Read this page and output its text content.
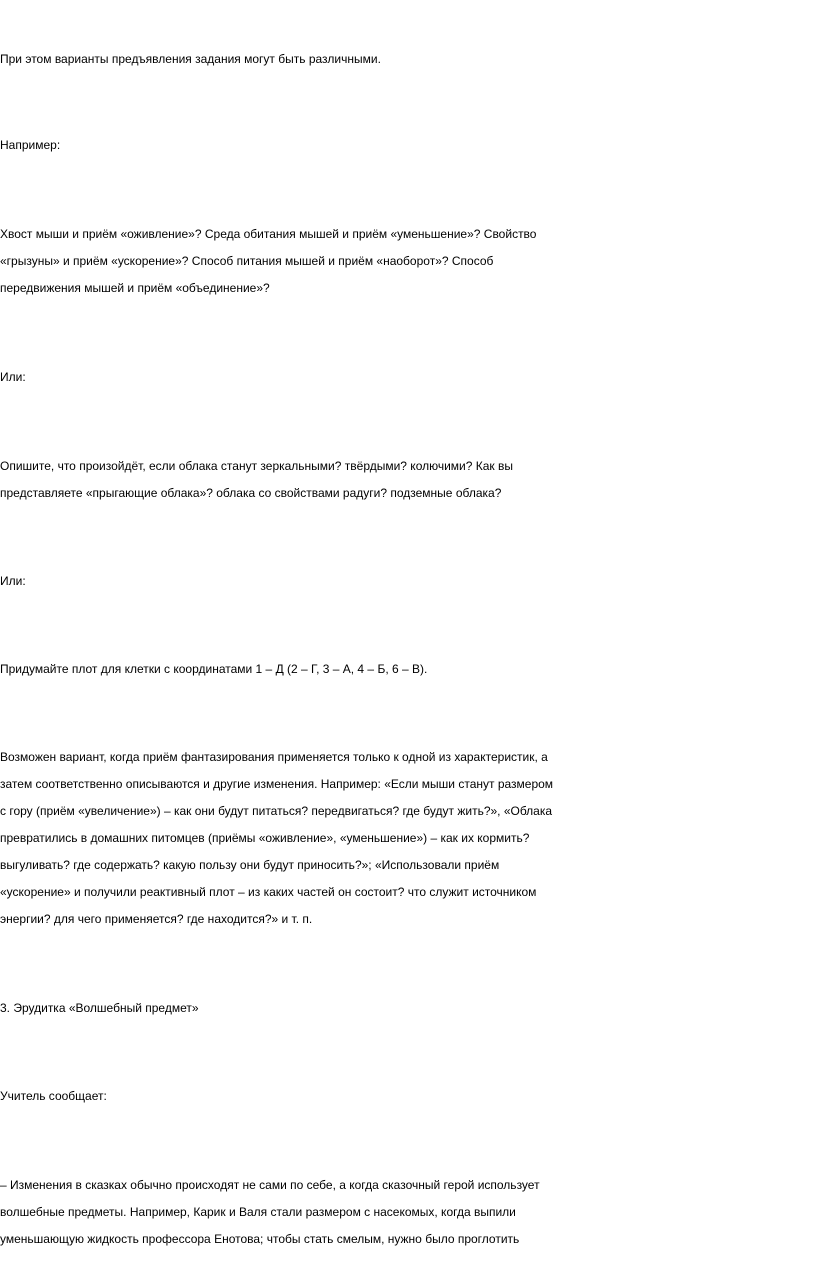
При этом варианты предъявления задания могут быть различными.

Например:

Хвост мыши и приём «оживление»? Среда обитания мышей и приём «уменьшение»? Свойство
«грызуны» и приём «ускорение»? Способ питания мышей и приём «наоборот»? Способ
передвижения мышей и приём «объединение»?

Или:

Опишите, что произойдёт, если облака станут зеркальными? твёрдыми? колючими? Как вы
представляете «прыгающие облака»? облака со свойствами радуги? подземные облака?

Или:

Придумайте плот для клетки с координатами 1 – Д (2 – Г, 3 – А, 4 – Б, 6 – В).

Возможен вариант, когда приём фантазирования применяется только к одной из характеристик, а
затем соответственно описываются и другие изменения. Например: «Если мыши станут размером
с гору (приём «увеличение») – как они будут питаться? передвигаться? где будут жить?», «Облака
превратились в домашних питомцев (приёмы «оживление», «уменьшение») – как их кормить?
выгуливать? где содержать? какую пользу они будут приносить?»; «Использовали приём
«ускорение» и получили реактивный плот – из каких частей он состоит? что служит источником
энергии? для чего применяется? где находится?» и т. п.

3. Эрудитка «Волшебный предмет»

Учитель сообщает:

– Изменения в сказках обычно происходят не сами по себе, а когда сказочный герой использует
волшебные предметы. Например, Карик и Валя стали размером с насекомых, когда выпили
уменьшающую жидкость профессора Енотова; чтобы стать смелым, нужно было проглотить
